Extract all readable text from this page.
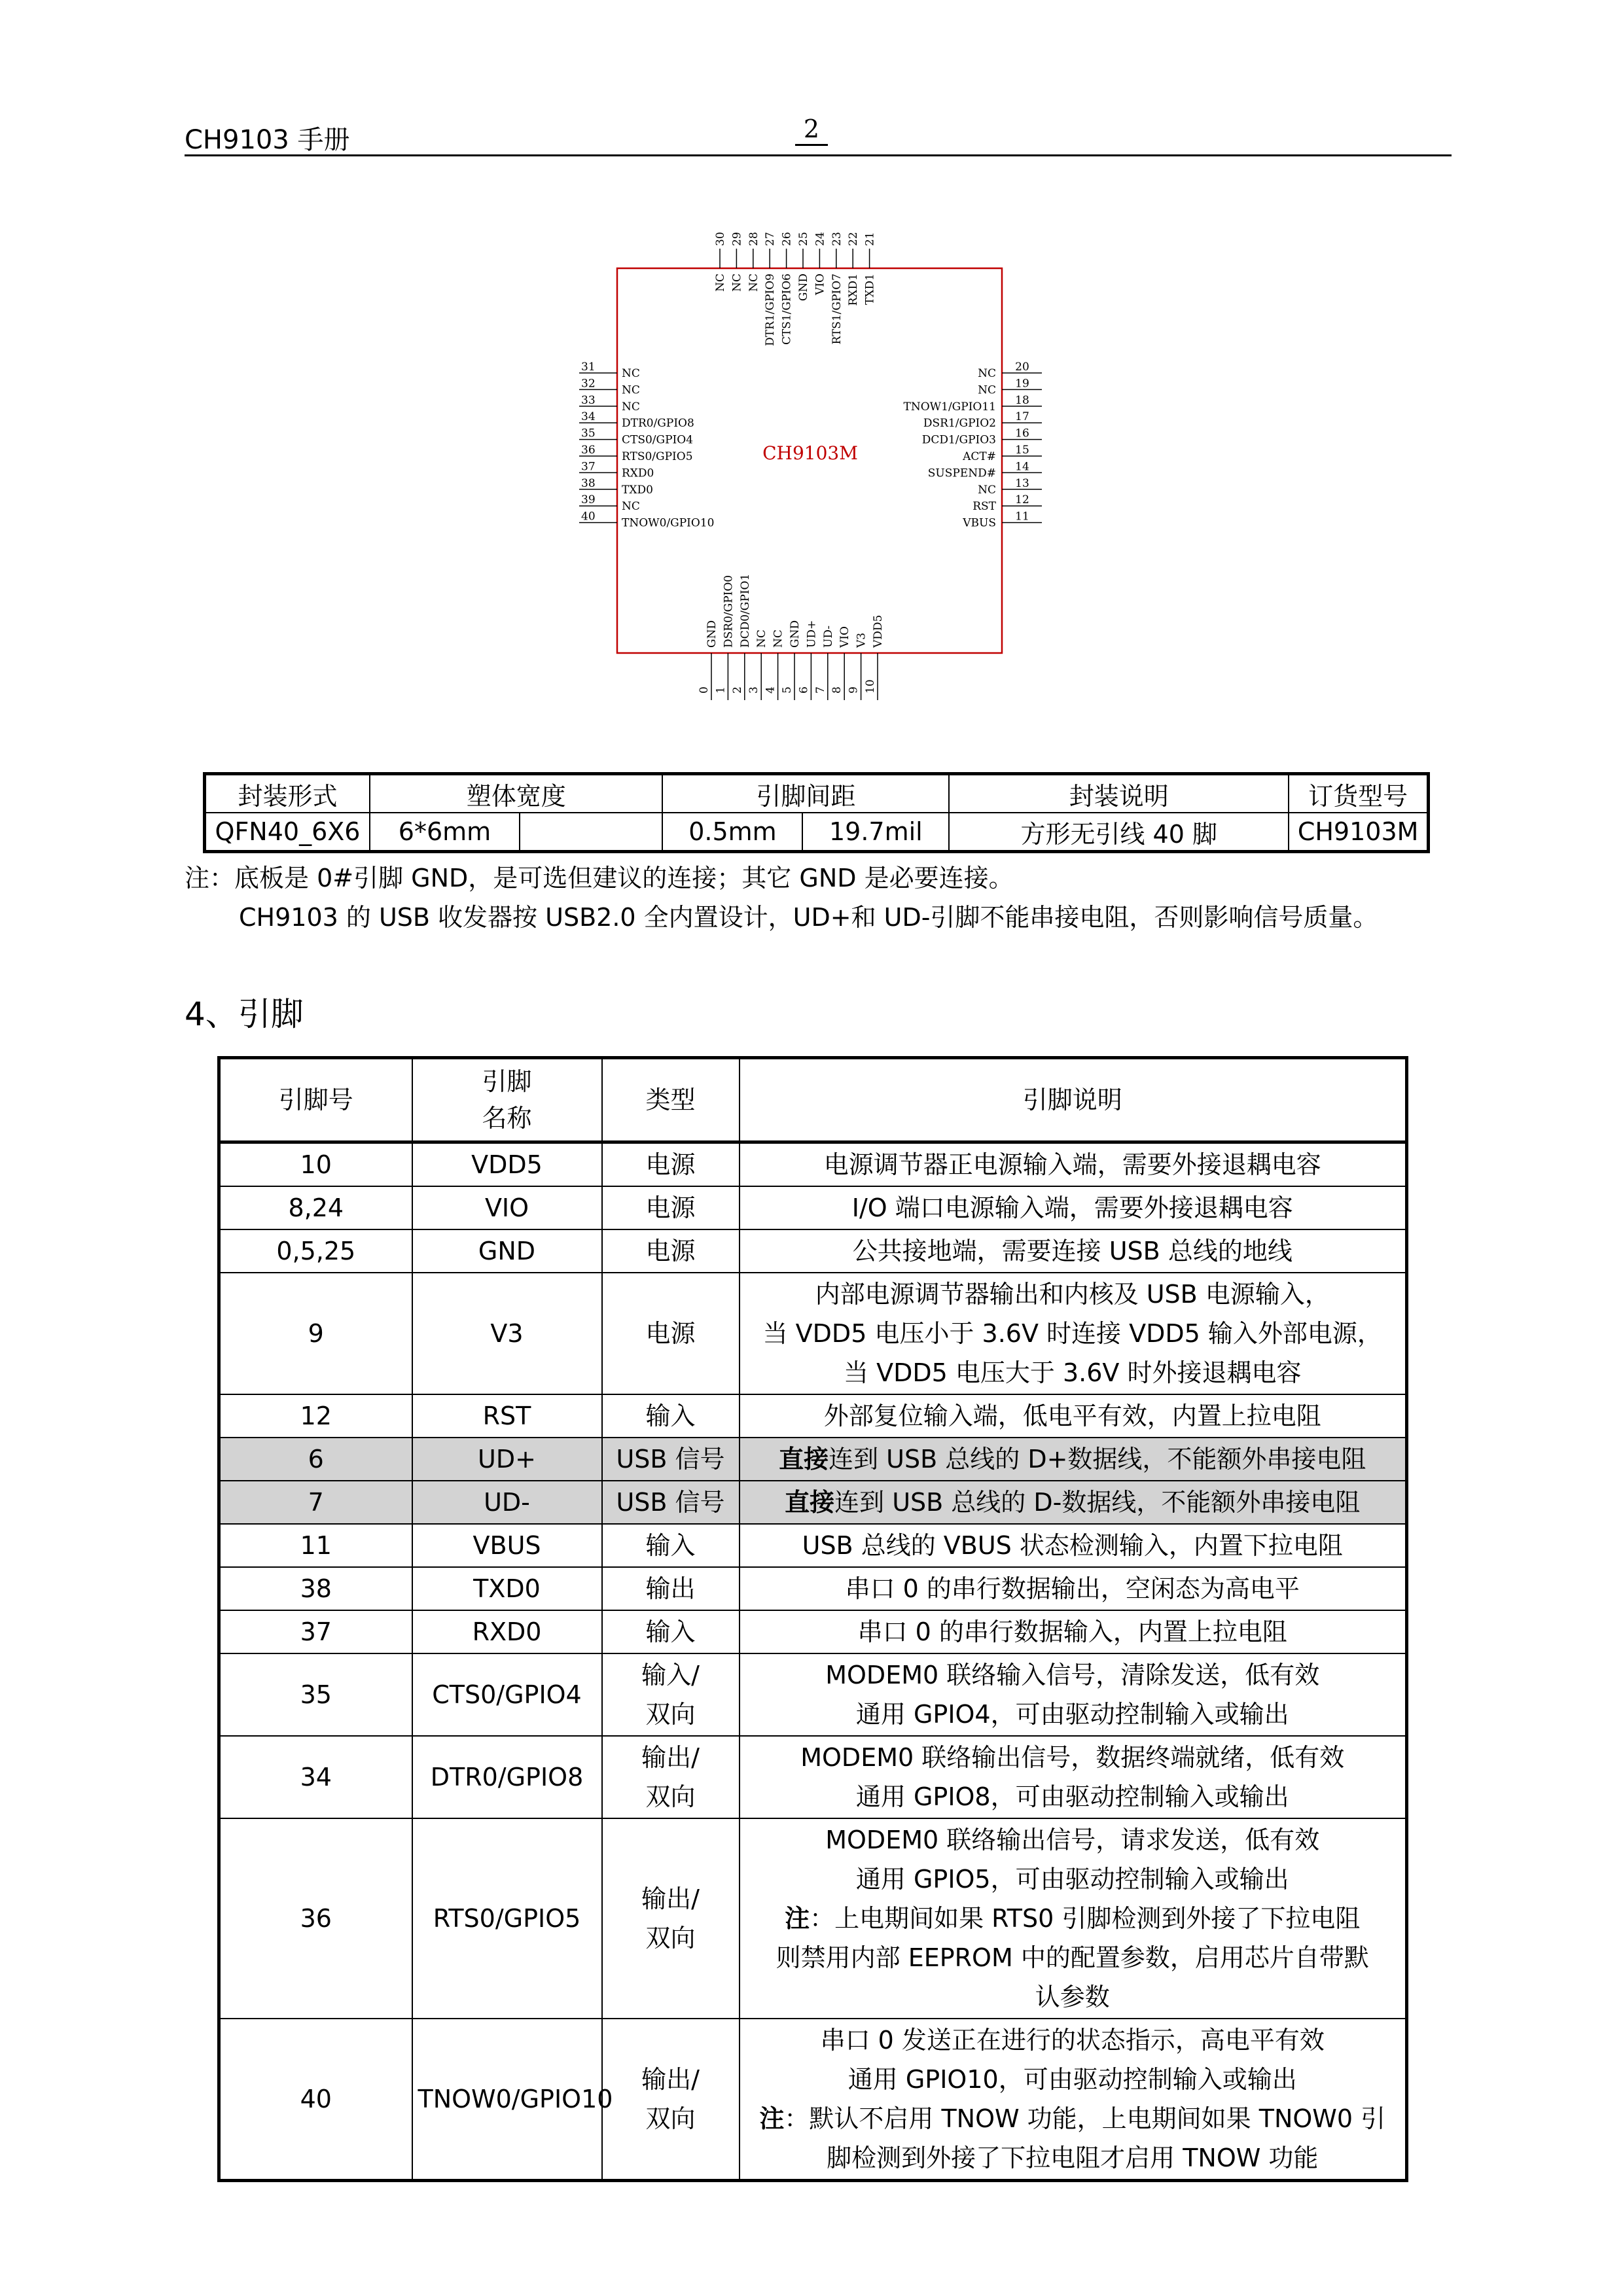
CH9103 手册	2
CH9103M
30
NC
29
NC
28
NC
27
DTR1/GPIO9
26
CTS1/GPIO6
25
GND
24
VIO
23
RTS1/GPIO7
22
RXD1
21
TXD1
31 NC
32 NC
33 NC
34 DTR0/GPIO8
35 CTS0/GPIO4
36 RTS0/GPIO5
37 RXD0
38 TXD0
39 NC
40 TNOW0/GPIO10
20
NC
19
NC
18
TNOW1/GPIO11
17
DSR1/GPIO2
16
DCD1/GPIO3
15
ACT#
14
SUSPEND#
13
NC
12
RST
11
VBUS
0
GND
1
DSR0/GPIO0
2
DCD0/GPIO1
3
NC
4
NC
5
GND
6
UD+
7
UD-
8
VIO
9
V3
10
VDD5
封装形式	塑体宽度		引脚间距		封装说明	订货型号
QFN40_6X6	6*6mm		0.5mm	19.7mil	方形无引线 40 脚	CH9103M
注：底板是 0#引脚 GND，是可选但建议的连接；其它 GND 是必要连接。
CH9103 的 USB 收发器按 USB2.0 全内置设计，UD+和 UD-引脚不能串接电阻，否则影响信号质量。
4、引脚
引脚号	引脚
名称	类型	引脚说明
10	VDD5	电源	电源调节器正电源输入端，需要外接退耦电容
8,24	VIO	电源	I/O 端口电源输入端，需要外接退耦电容
0,5,25	GND	电源	公共接地端，需要连接 USB 总线的地线
9	V3	电源	内部电源调节器输出和内核及 USB 电源输入，
当 VDD5 电压小于 3.6V 时连接 VDD5 输入外部电源，
当 VDD5 电压大于 3.6V 时外接退耦电容
12	RST	输入	外部复位输入端，低电平有效，内置上拉电阻
6	UD+	USB 信号	直接连到 USB 总线的 D+数据线，不能额外串接电阻
7	UD-	USB 信号	直接连到 USB 总线的 D-数据线，不能额外串接电阻
11	VBUS	输入	USB 总线的 VBUS 状态检测输入，内置下拉电阻
38	TXD0	输出	串口 0 的串行数据输出，空闲态为高电平
37	RXD0	输入	串口 0 的串行数据输入，内置上拉电阻
35	CTS0/GPIO4	输入/
双向	MODEM0 联络输入信号，清除发送，低有效
通用 GPIO4，可由驱动控制输入或输出
34	DTR0/GPIO8	输出/
双向	MODEM0 联络输出信号，数据终端就绪，低有效
通用 GPIO8，可由驱动控制输入或输出
36	RTS0/GPIO5	输出/
双向	MODEM0 联络输出信号，请求发送，低有效
通用 GPIO5，可由驱动控制输入或输出
注：上电期间如果 RTS0 引脚检测到外接了下拉电阻
则禁用内部 EEPROM 中的配置参数，启用芯片自带默
认参数
40	TNOW0/GPIO10	输出/
双向	串口 0 发送正在进行的状态指示，高电平有效
通用 GPIO10，可由驱动控制输入或输出
注：默认不启用 TNOW 功能，上电期间如果 TNOW0 引
脚检测到外接了下拉电阻才启用 TNOW 功能
